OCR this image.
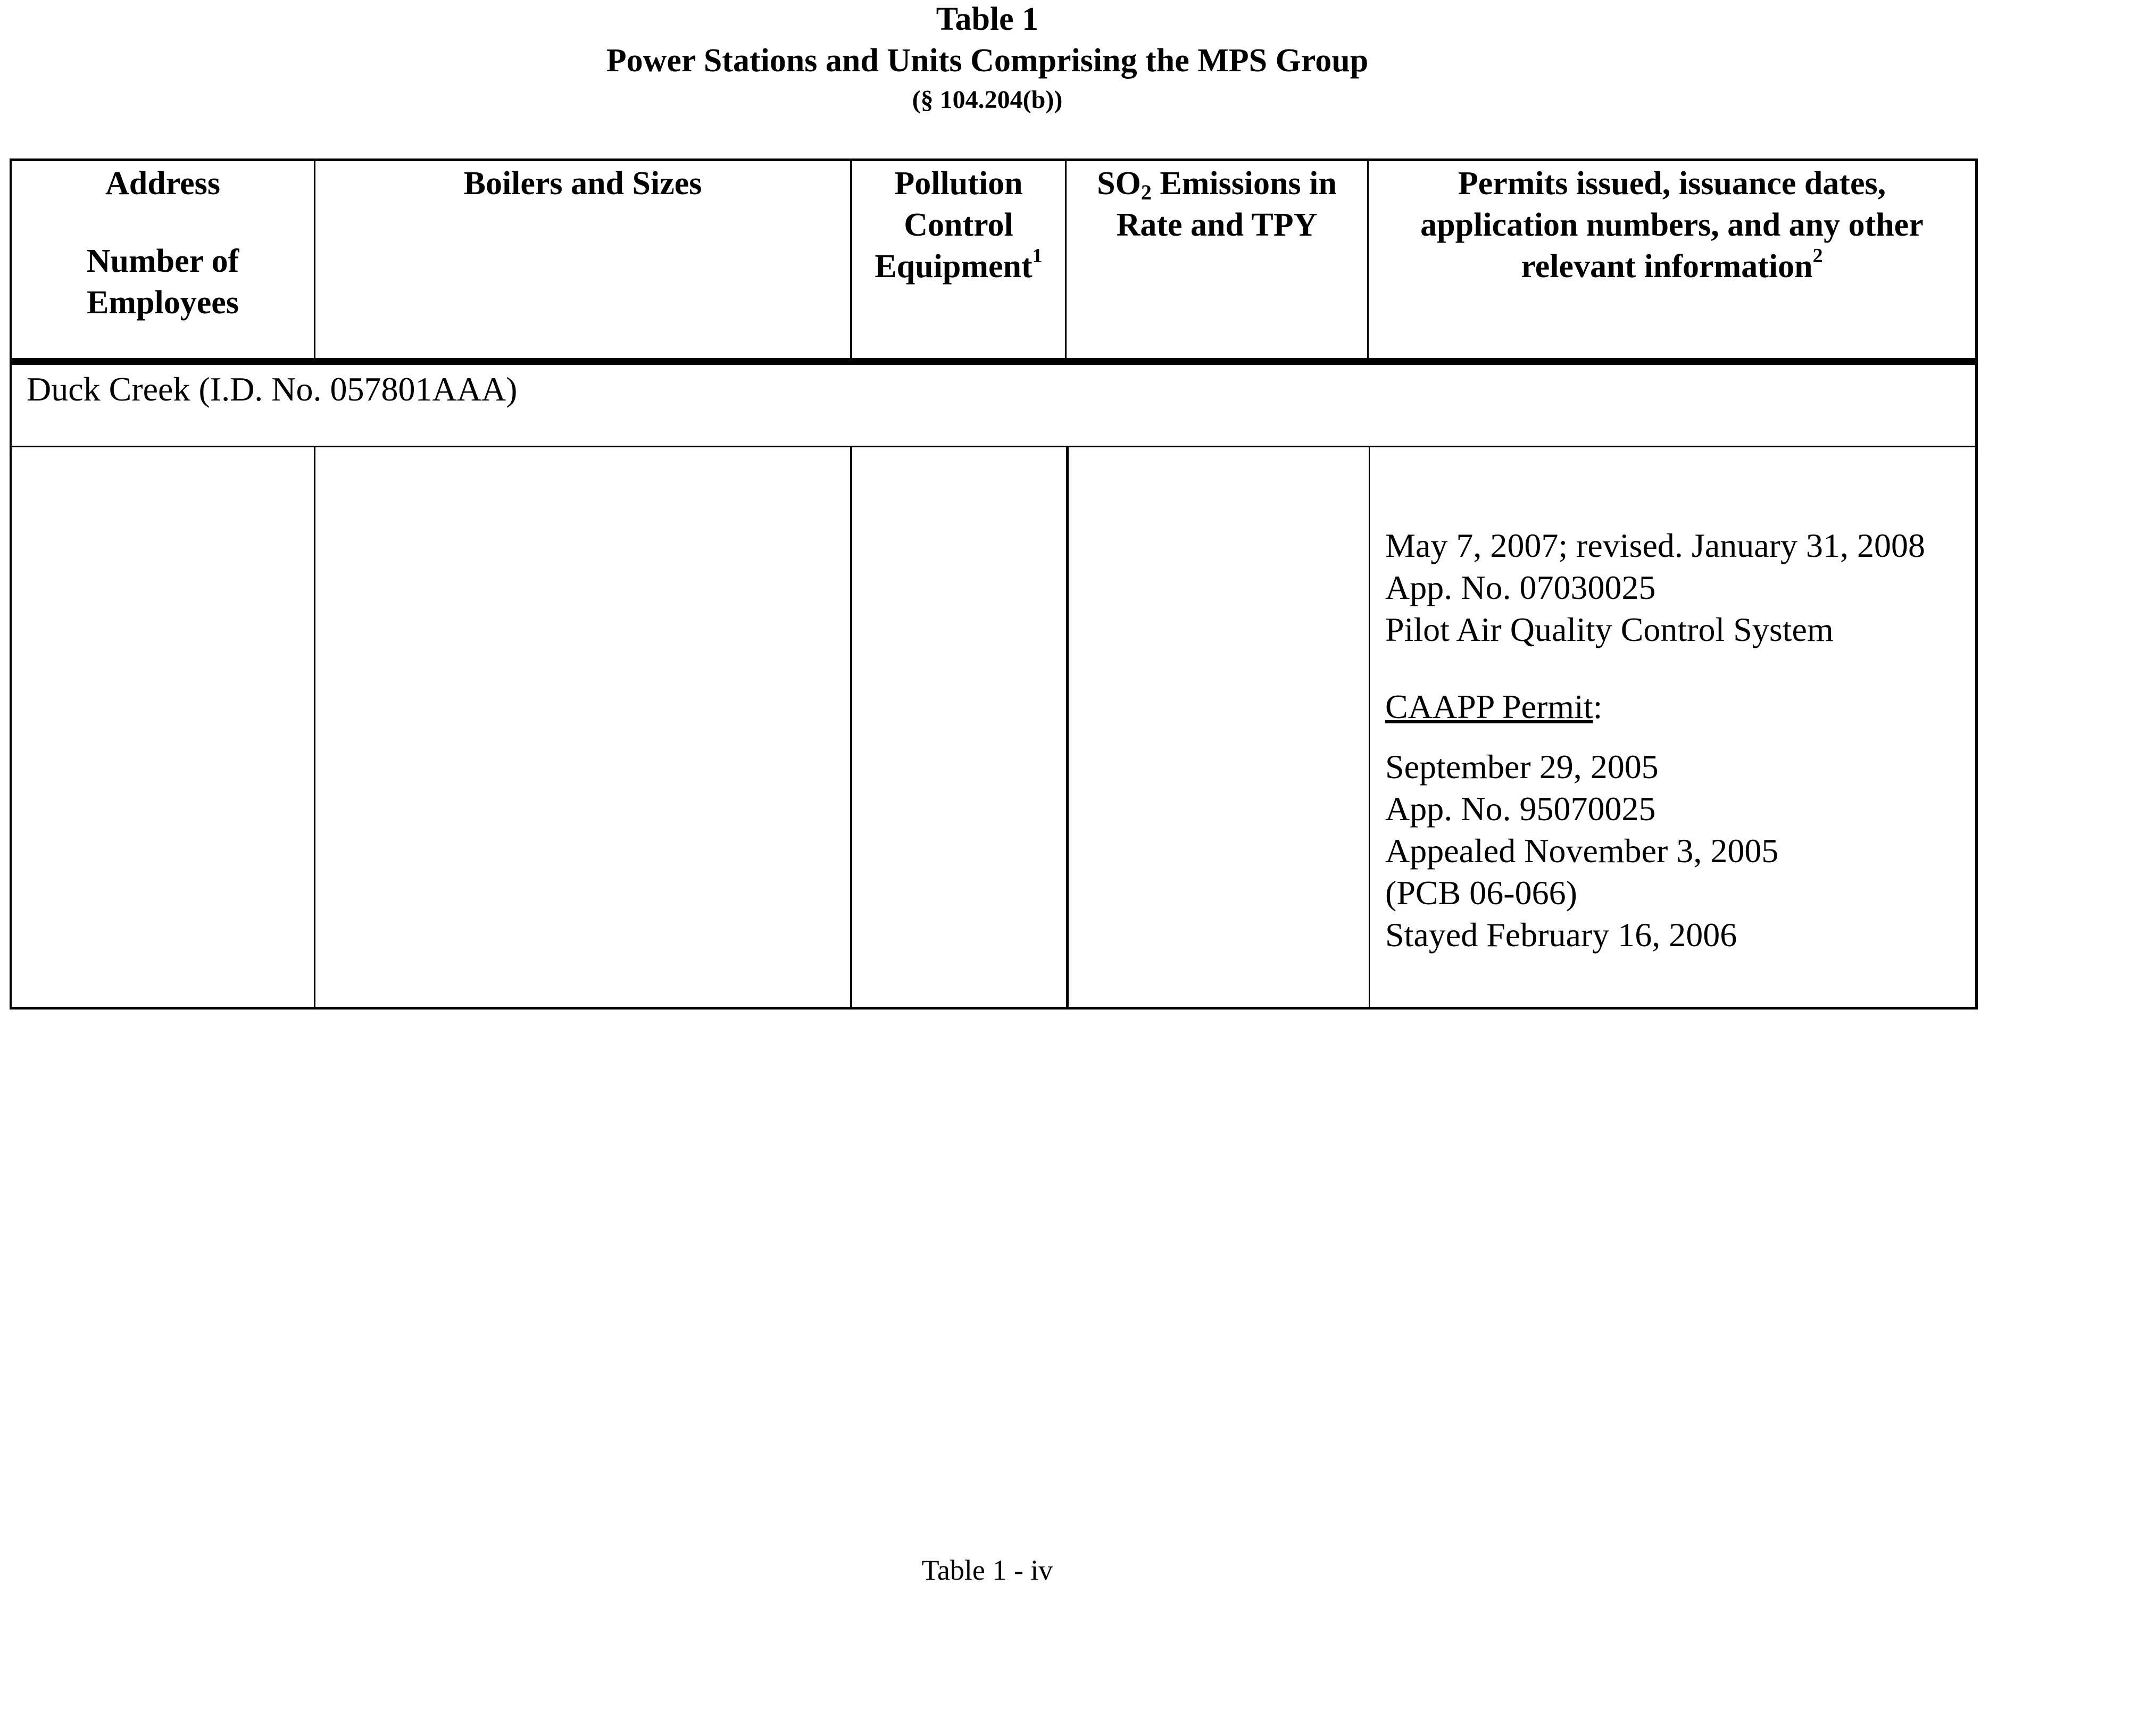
Table 1
Power Stations and Units Comprising the MPS Group
(§ 104.204(b))
Address
Number of
Employees
Boilers and Sizes	Pollution
Control
Equipment$^1$
$SO_2$ Emissions in
Rate and TPY
Permits issued, issuance dates,
application numbers, and any other
relevant information$^2$
Duck Creek (I.D. No. 057801AAA)
May 7, 2007; revised. January 31, 2008
App. No. 07030025
Pilot Air Quality Control System
CAAPP Permit:
September 29, 2005
App. No. 95070025
Appealed November 3, 2005
(PCB 06-066)
Stayed February 16, 2006
Table 1 - iv
